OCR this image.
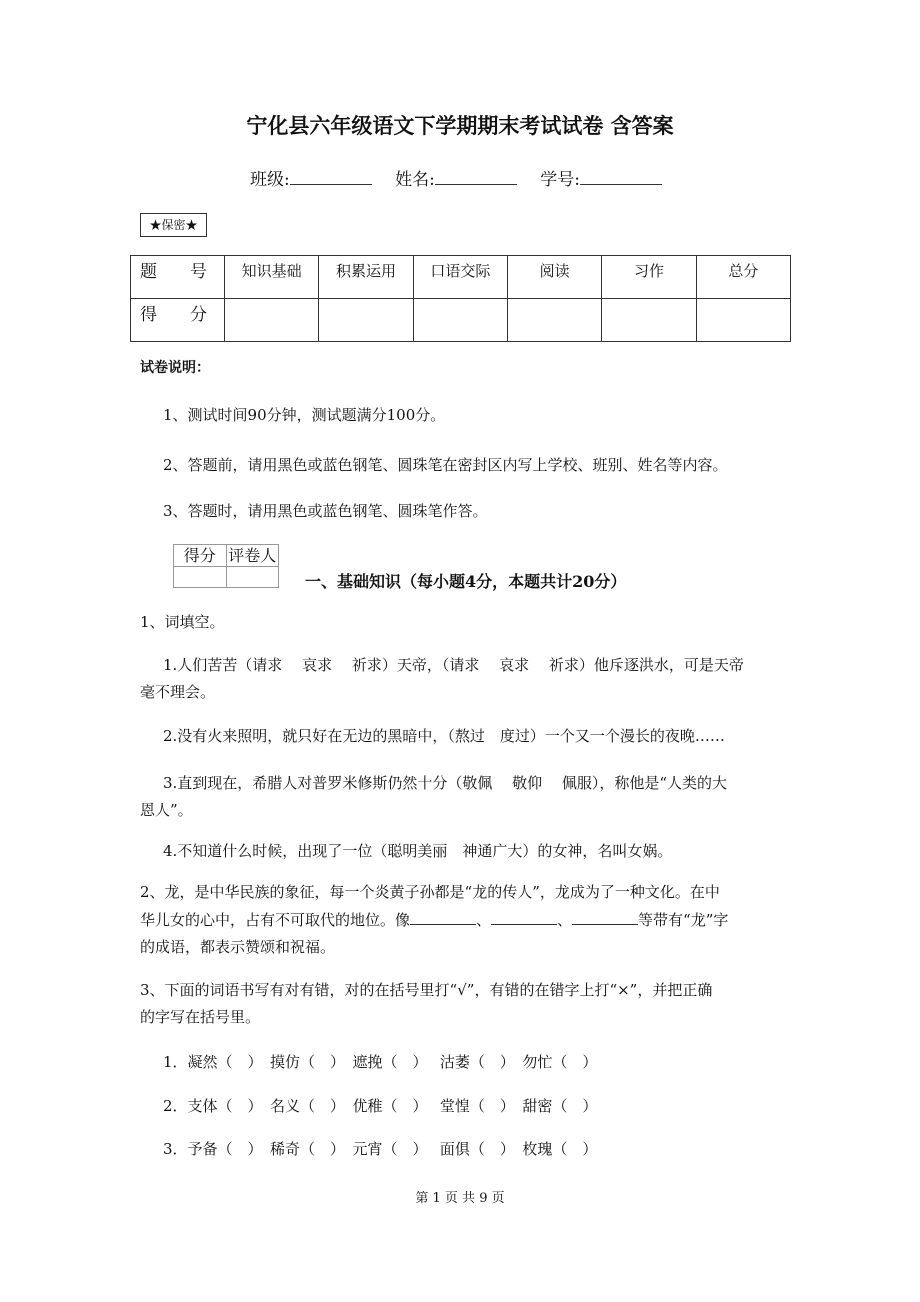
宁化县六年级语文下学期期末考试试卷 含答案
班级:	姓名:	学号:
★保密★
题　号	知识基础	积累运用	口语交际	阅读	习作	总分
得　分						
试卷说明：
1、测试时间90分钟，测试题满分100分。
2、答题前，请用黑色或蓝色钢笔、圆珠笔在密封区内写上学校、班别、姓名等内容。
3、答题时，请用黑色或蓝色钢笔、圆珠笔作答。
得分	评卷人

一、基础知识（每小题4分，本题共计20分）
1、词填空。
1.人们苦苦（请求　 哀求　 祈求）天帝，（请求　 哀求　 祈求）他斥逐洪水，可是天帝
毫不理会。
2.没有火来照明，就只好在无边的黑暗中，（熬过　度过）一个又一个漫长的夜晚……
3.直到现在，希腊人对普罗米修斯仍然十分（敬佩　 敬仰　 佩服），称他是“人类的大
恩人”。
4.不知道什么时候，出现了一位（聪明美丽　神通广大）的女神，名叫女娲。
2、龙，是中华民族的象征，每一个炎黄子孙都是“龙的传人”，龙成为了一种文化。在中
华儿女的心中，占有不可取代的地位。像	、	、	等带有“龙”字
的成语，都表示赞颂和祝福。
3、下面的词语书写有对有错，对的在括号里打“√”，有错的在错字上打“×”，并把正确
的字写在括号里。
1．凝然（　）　摸仿（　）　遮挽（　）　 沽萎（　）　勿忙（　）
2．支体（　）　名义（　）　优稚（　）　 堂惶（　）　甜密（　）
3．予备（　）　稀奇（　）　元宵（　）　 面俱（　）　枚瑰（　）
第 1 页 共 9 页
